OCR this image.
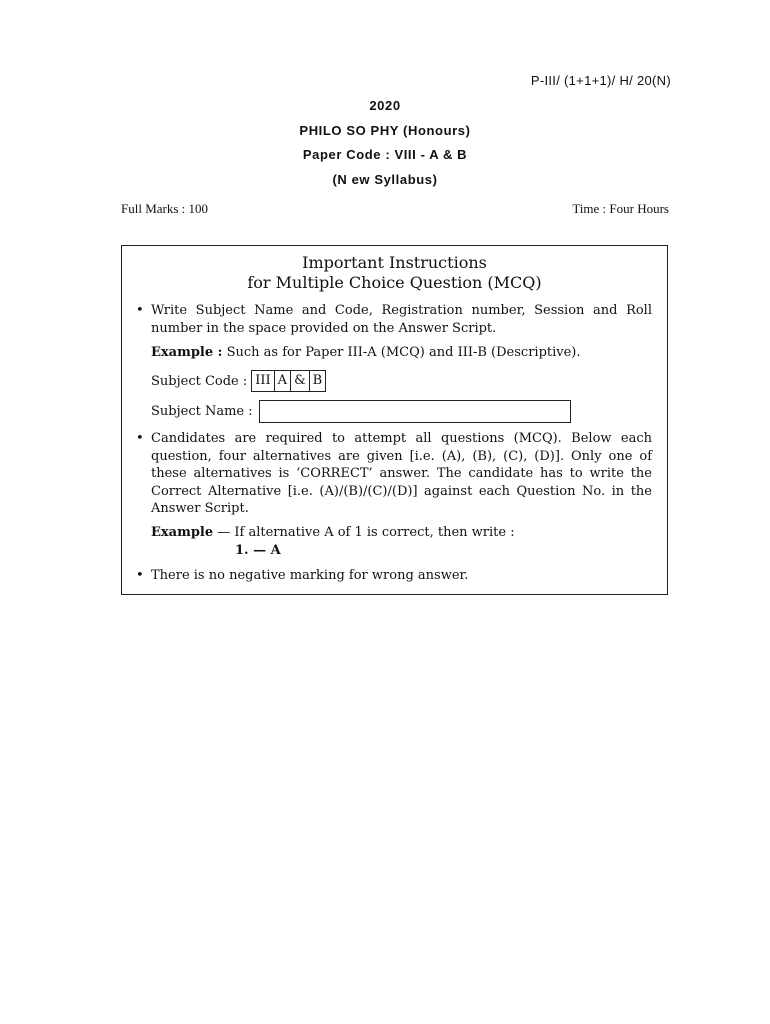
P-III/ (1+1+1)/ H/ 20(N)
2020
PHILO SO PHY (Honours)
Paper Code : VIII - A & B
(N ew Syllabus)
Full Marks : 100	Time : Four Hours
Important Instructions
for Multiple Choice Question (MCQ)
• Write Subject Name and Code, Registration number, Session and Roll number in the space provided on the Answer Script.
Example : Such as for Paper III-A (MCQ) and III-B (Descriptive).
Subject Code : III A & B
Subject Name :
• Candidates are required to attempt all questions (MCQ). Below each question, four alternatives are given [i.e. (A), (B), (C), (D)]. Only one of these alternatives is ‘CORRECT’ answer. The candidate has to write the Correct Alternative [i.e. (A)/(B)/(C)/(D)] against each Question No. in the Answer Script.
Example — If alternative A of 1 is correct, then write :
1. — A
• There is no negative marking for wrong answer.
